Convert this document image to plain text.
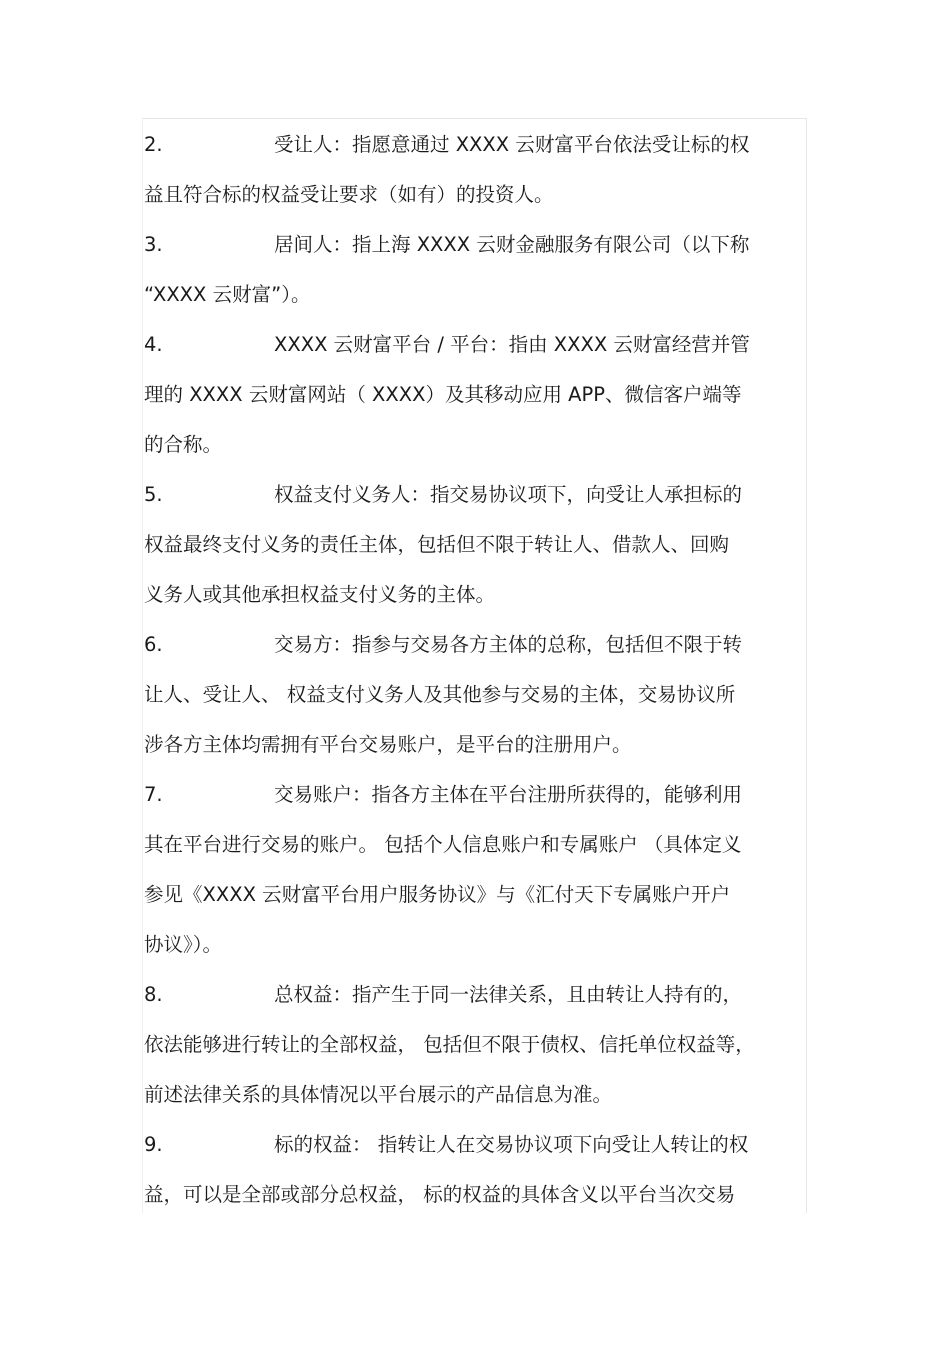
2.	受让人：指愿意通过 XXXX 云财富平台依法受让标的权
益且符合标的权益受让要求（如有）的投资人。
3.	居间人：指上海 XXXX 云财金融服务有限公司（以下称
“XXXX 云财富”）。
4.	XXXX 云财富平台 / 平台：指由 XXXX 云财富经营并管
理的 XXXX 云财富网站（ XXXX）及其移动应用 APP、微信客户端等
的合称。
5.	权益支付义务人：指交易协议项下，向受让人承担标的
权益最终支付义务的责任主体，包括但不限于转让人、借款人、回购
义务人或其他承担权益支付义务的主体。
6.	交易方：指参与交易各方主体的总称，包括但不限于转
让人、受让人、 权益支付义务人及其他参与交易的主体，交易协议所
涉各方主体均需拥有平台交易账户，是平台的注册用户。
7.	交易账户：指各方主体在平台注册所获得的，能够利用
其在平台进行交易的账户。 包括个人信息账户和专属账户 （具体定义
参见《XXXX 云财富平台用户服务协议》与《汇付天下专属账户开户
协议》）。
8.	总权益：指产生于同一法律关系，且由转让人持有的，
依法能够进行转让的全部权益， 包括但不限于债权、信托单位权益等，
前述法律关系的具体情况以平台展示的产品信息为准。
9.	标的权益： 指转让人在交易协议项下向受让人转让的权
益，可以是全部或部分总权益， 标的权益的具体含义以平台当次交易
